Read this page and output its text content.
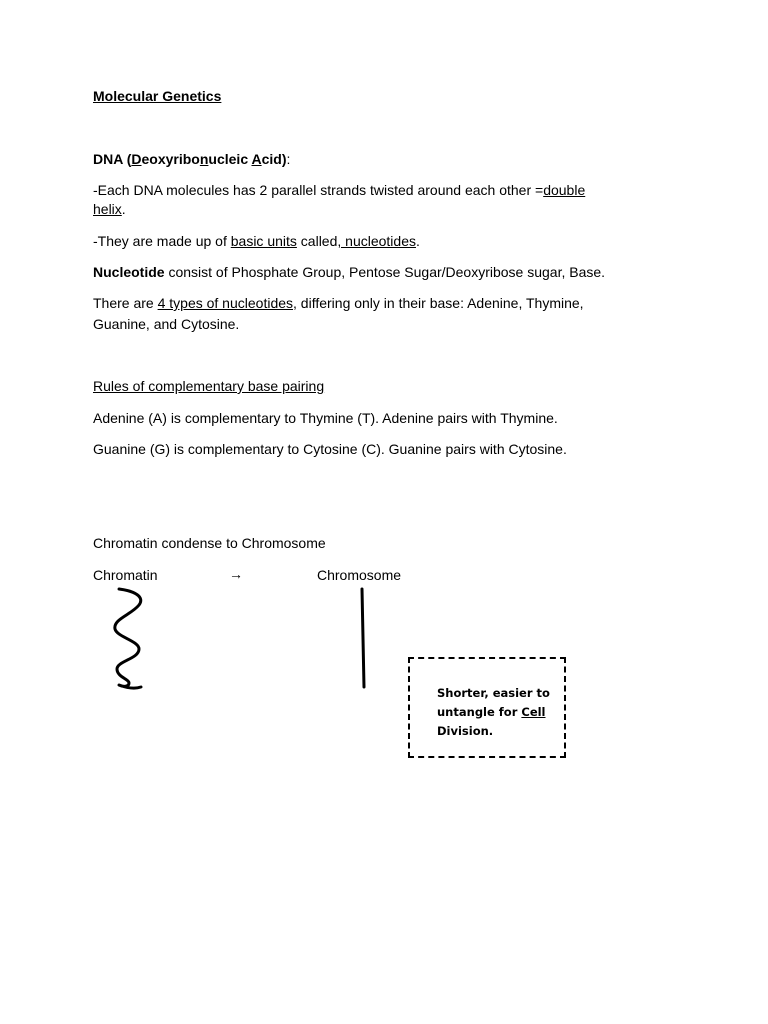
Molecular Genetics
DNA (Deoxyribonucleic Acid):
-Each DNA molecules has 2 parallel strands twisted around each other =double
helix.
-They are made up of basic units called, nucleotides.
Nucleotide consist of Phosphate Group, Pentose Sugar/Deoxyribose sugar, Base.
There are 4 types of nucleotides, differing only in their base: Adenine, Thymine,
Guanine, and Cytosine.
Rules of complementary base pairing
Adenine (A) is complementary to Thymine (T). Adenine pairs with Thymine.
Guanine (G) is complementary to Cytosine (C). Guanine pairs with Cytosine.
Chromatin condense to Chromosome
Chromatin	→	Chromosome
Shorter, easier to untangle for Cell Division.
